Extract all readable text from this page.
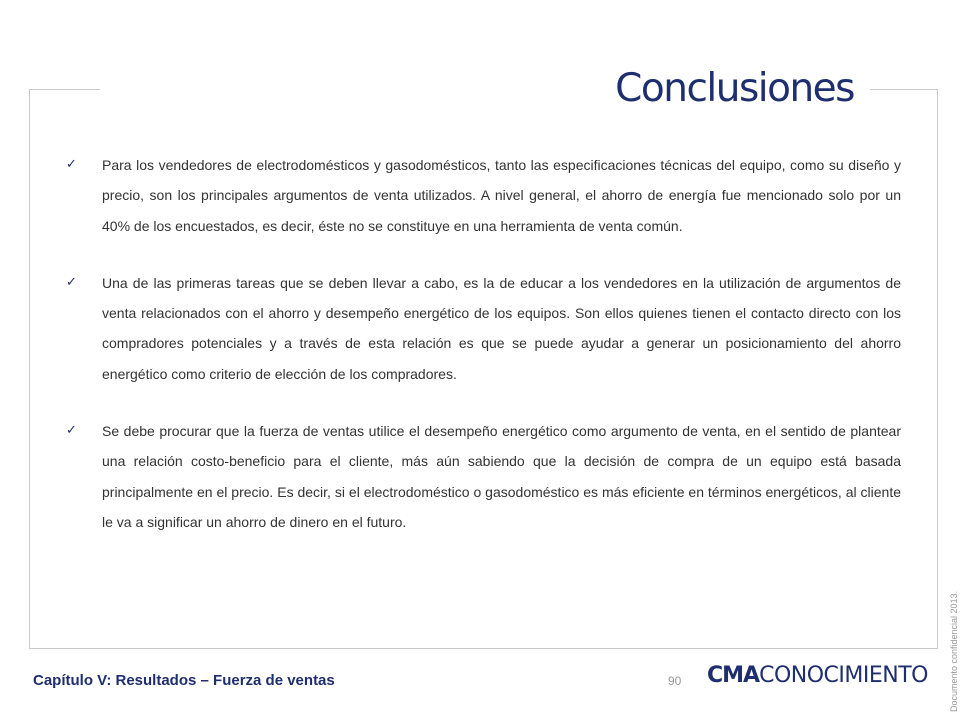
Conclusiones
✓	Para los vendedores de electrodomésticos y gasodomésticos, tanto las especificaciones técnicas del equipo, como su diseño y precio, son los principales argumentos de venta utilizados. A nivel general, el ahorro de energía fue mencionado solo por un 40% de los encuestados, es decir, éste no se constituye en una herramienta de venta común.
✓	Una de las primeras tareas que se deben llevar a cabo, es la de educar a los vendedores en la utilización de argumentos de venta relacionados con el ahorro y desempeño energético de los equipos. Son ellos quienes tienen el contacto directo con los compradores potenciales y a través de esta relación es que se puede ayudar a generar un posicionamiento del ahorro energético como criterio de elección de los compradores.
✓	Se debe procurar que la fuerza de ventas utilice el desempeño energético como argumento de venta, en el sentido de plantear una relación costo-beneficio para el cliente, más aún sabiendo que la decisión de compra de un equipo está basada principalmente en el precio. Es decir, si el electrodoméstico o gasodoméstico es más eficiente en términos energéticos, al cliente le va a significar un ahorro de dinero en el futuro.
Capítulo V: Resultados – Fuerza de ventas	90 CMACONOCIMIENTO Documento confidencial 2013.
